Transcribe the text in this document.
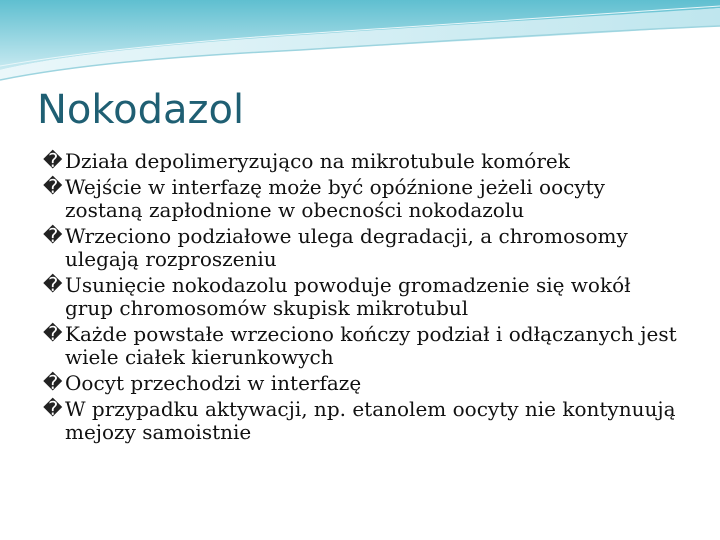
Nokodazol
� Działa depolimeryzująco na mikrotubule komórek
� Wejście w interfazę może być opóźnione jeżeli oocyty zostaną zapłodnione w obecności nokodazolu
� Wrzeciono podziałowe ulega degradacji, a chromosomy ulegają rozproszeniu
� Usunięcie nokodazolu powoduje gromadzenie się wokół grup chromosomów skupisk mikrotubul
� Każde powstałe wrzeciono kończy podział i odłączanych jest wiele ciałek kierunkowych
� Oocyt przechodzi w interfazę
� W przypadku aktywacji, np. etanolem oocyty nie kontynuują mejozy samoistnie
